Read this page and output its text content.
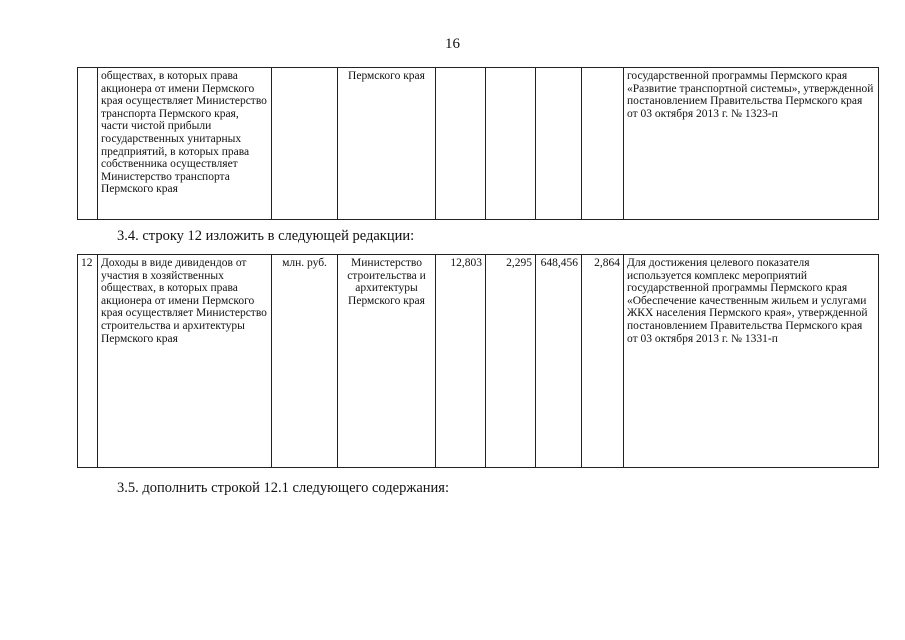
16
	обществах, в которых права акционера от имени Пермского края осуществляет Министерство транспорта Пермского края, части чистой прибыли государственных унитарных предприятий, в которых права собственника осуществляет Министерство транспорта Пермского края		Пермского края					государственной программы Пермского края «Развитие транспортной системы», утвержденной постановлением Правительства Пермского края от 03 октября 2013 г. № 1323-п
3.4. строку 12 изложить в следующей редакции:
12	Доходы в виде дивидендов от участия в хозяйственных обществах, в которых права акционера от имени Пермского края осуществляет Министерство строительства и архитектуры Пермского края	млн. руб.	Министерство строительства и архитектуры Пермского края	12,803	2,295	648,456	2,864	Для достижения целевого показателя используется комплекс мероприятий государственной программы Пермского края «Обеспечение качественным жильем и услугами ЖКХ населения Пермского края», утвержденной постановлением Правительства Пермского края от 03 октября 2013 г. № 1331-п
3.5. дополнить строкой 12.1 следующего содержания:
